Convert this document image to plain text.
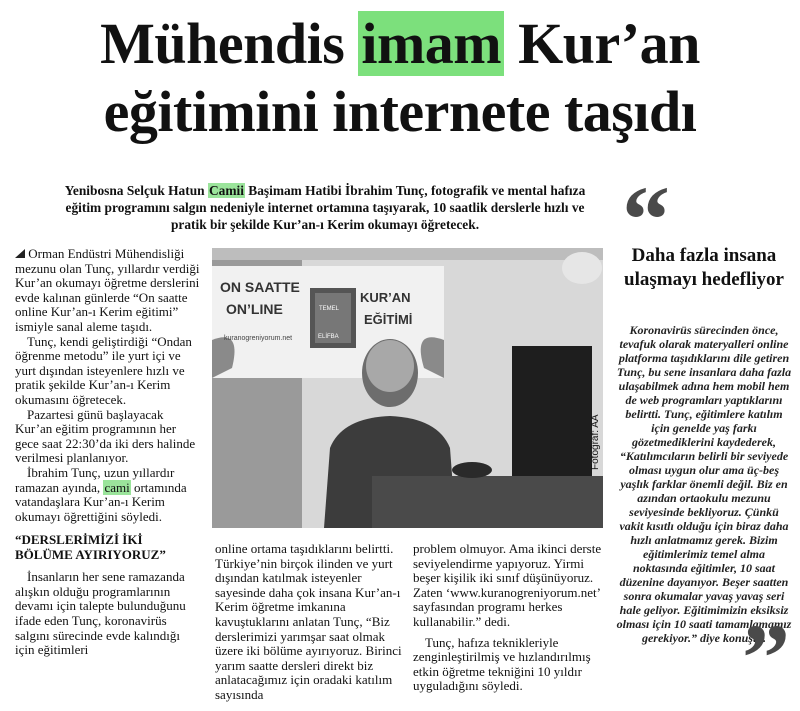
Mühendis imam Kur’an
eğitimini internete taşıdı

Yenibosna Selçuk Hatun Camii Başimam Hatibi İbrahim Tunç, fotografik ve mental hafıza eğitim programını salgın nedeniyle internet ortamına taşıyarak, 10 saatlik derslerle hızlı ve pratik bir şekilde Kur’an-ı Kerim okumayı öğretecek.

Orman Endüstri Mühendisliği mezunu olan Tunç, yıllardır verdiği Kur’an okumayı öğretme derslerini evde kalınan günlerde “On saatte online Kur’an-ı Kerim eğitimi” ismiyle sanal aleme taşıdı.

Tunç, kendi geliştirdiği “Ondan öğrenme metodu” ile yurt içi ve yurt dışından isteyenlere hızlı ve pratik şekilde Kur’an-ı Kerim okumasını öğretecek.

Pazartesi günü başlayacak Kur’an eğitim programının her gece saat 22:30’da iki ders halinde verilmesi planlanıyor.

İbrahim Tunç, uzun yıllardır ramazan ayında, cami ortamında vatandaşlara Kur’an-ı Kerim okumayı öğrettiğini söyledi.

“DERSLERİMİZİ İKİ BÖLÜME AYIRIYORUZ”

İnsanların her sene ramazanda alışkın olduğu programlarının devamı için talepte bulunduğunu ifade eden Tunç, koronavirüs salgını sürecinde evde kalındığı için eğitimleri

ON SAATTE
ON’LINE
KUR’AN
EĞİTİMİ
TEMEL
ELİFBA
kuranogreniyorum.net
Fotoğraf: AA

online ortama taşıdıklarını belirtti. Türkiye’nin birçok ilinden ve yurt dışından katılmak isteyenler sayesinde daha çok insana Kur’an-ı Kerim öğretme imkanına kavuştuklarını anlatan Tunç, “Biz derslerimizi yarımşar saat olmak üzere iki bölüme ayırıyoruz. Birinci yarım saatte dersleri direkt biz anlatacağımız için oradaki katılım sayısında

problem olmuyor. Ama ikinci derste seviyelendirme yapıyoruz. Yirmi beşer kişilik iki sınıf düşünüyoruz. Zaten ‘www.kuranogreniyorum.net’ sayfasından programı herkes kullanabilir.” dedi.

Tunç, hafıza teknikleriyle zenginleştirilmiş ve hızlandırılmış etkin öğretme tekniğini 10 yıldır uyguladığını söyledi.

“
Daha fazla insana ulaşmayı hedefliyor
Koronavirüs sürecinden önce, tevafuk olarak materyalleri online platforma taşıdıklarını dile getiren Tunç, bu sene insanlara daha fazla ulaşabilmek adına hem mobil hem de web programları yaptıklarını belirtti. Tunç, eğitimlere katılım için genelde yaş farkı gözetmediklerini kaydederek, “Katılımcıların belirli bir seviyede olması uygun olur ama üç-beş yaşlık farklar önemli değil. Biz en azından ortaokulu mezunu seviyesinde bekliyoruz. Çünkü vakit kısıtlı olduğu için biraz daha hızlı anlatmamız gerek. Bizim eğitimlerimiz temel alma noktasında eğitimler, 10 saat düzenine dayanıyor. Beşer saatten sonra okumalar yavaş yavaş seri hale geliyor. Eğitimimizin eksiksiz olması için 10 saati tamamlamamız gerekiyor.” diye konuştu.
”
